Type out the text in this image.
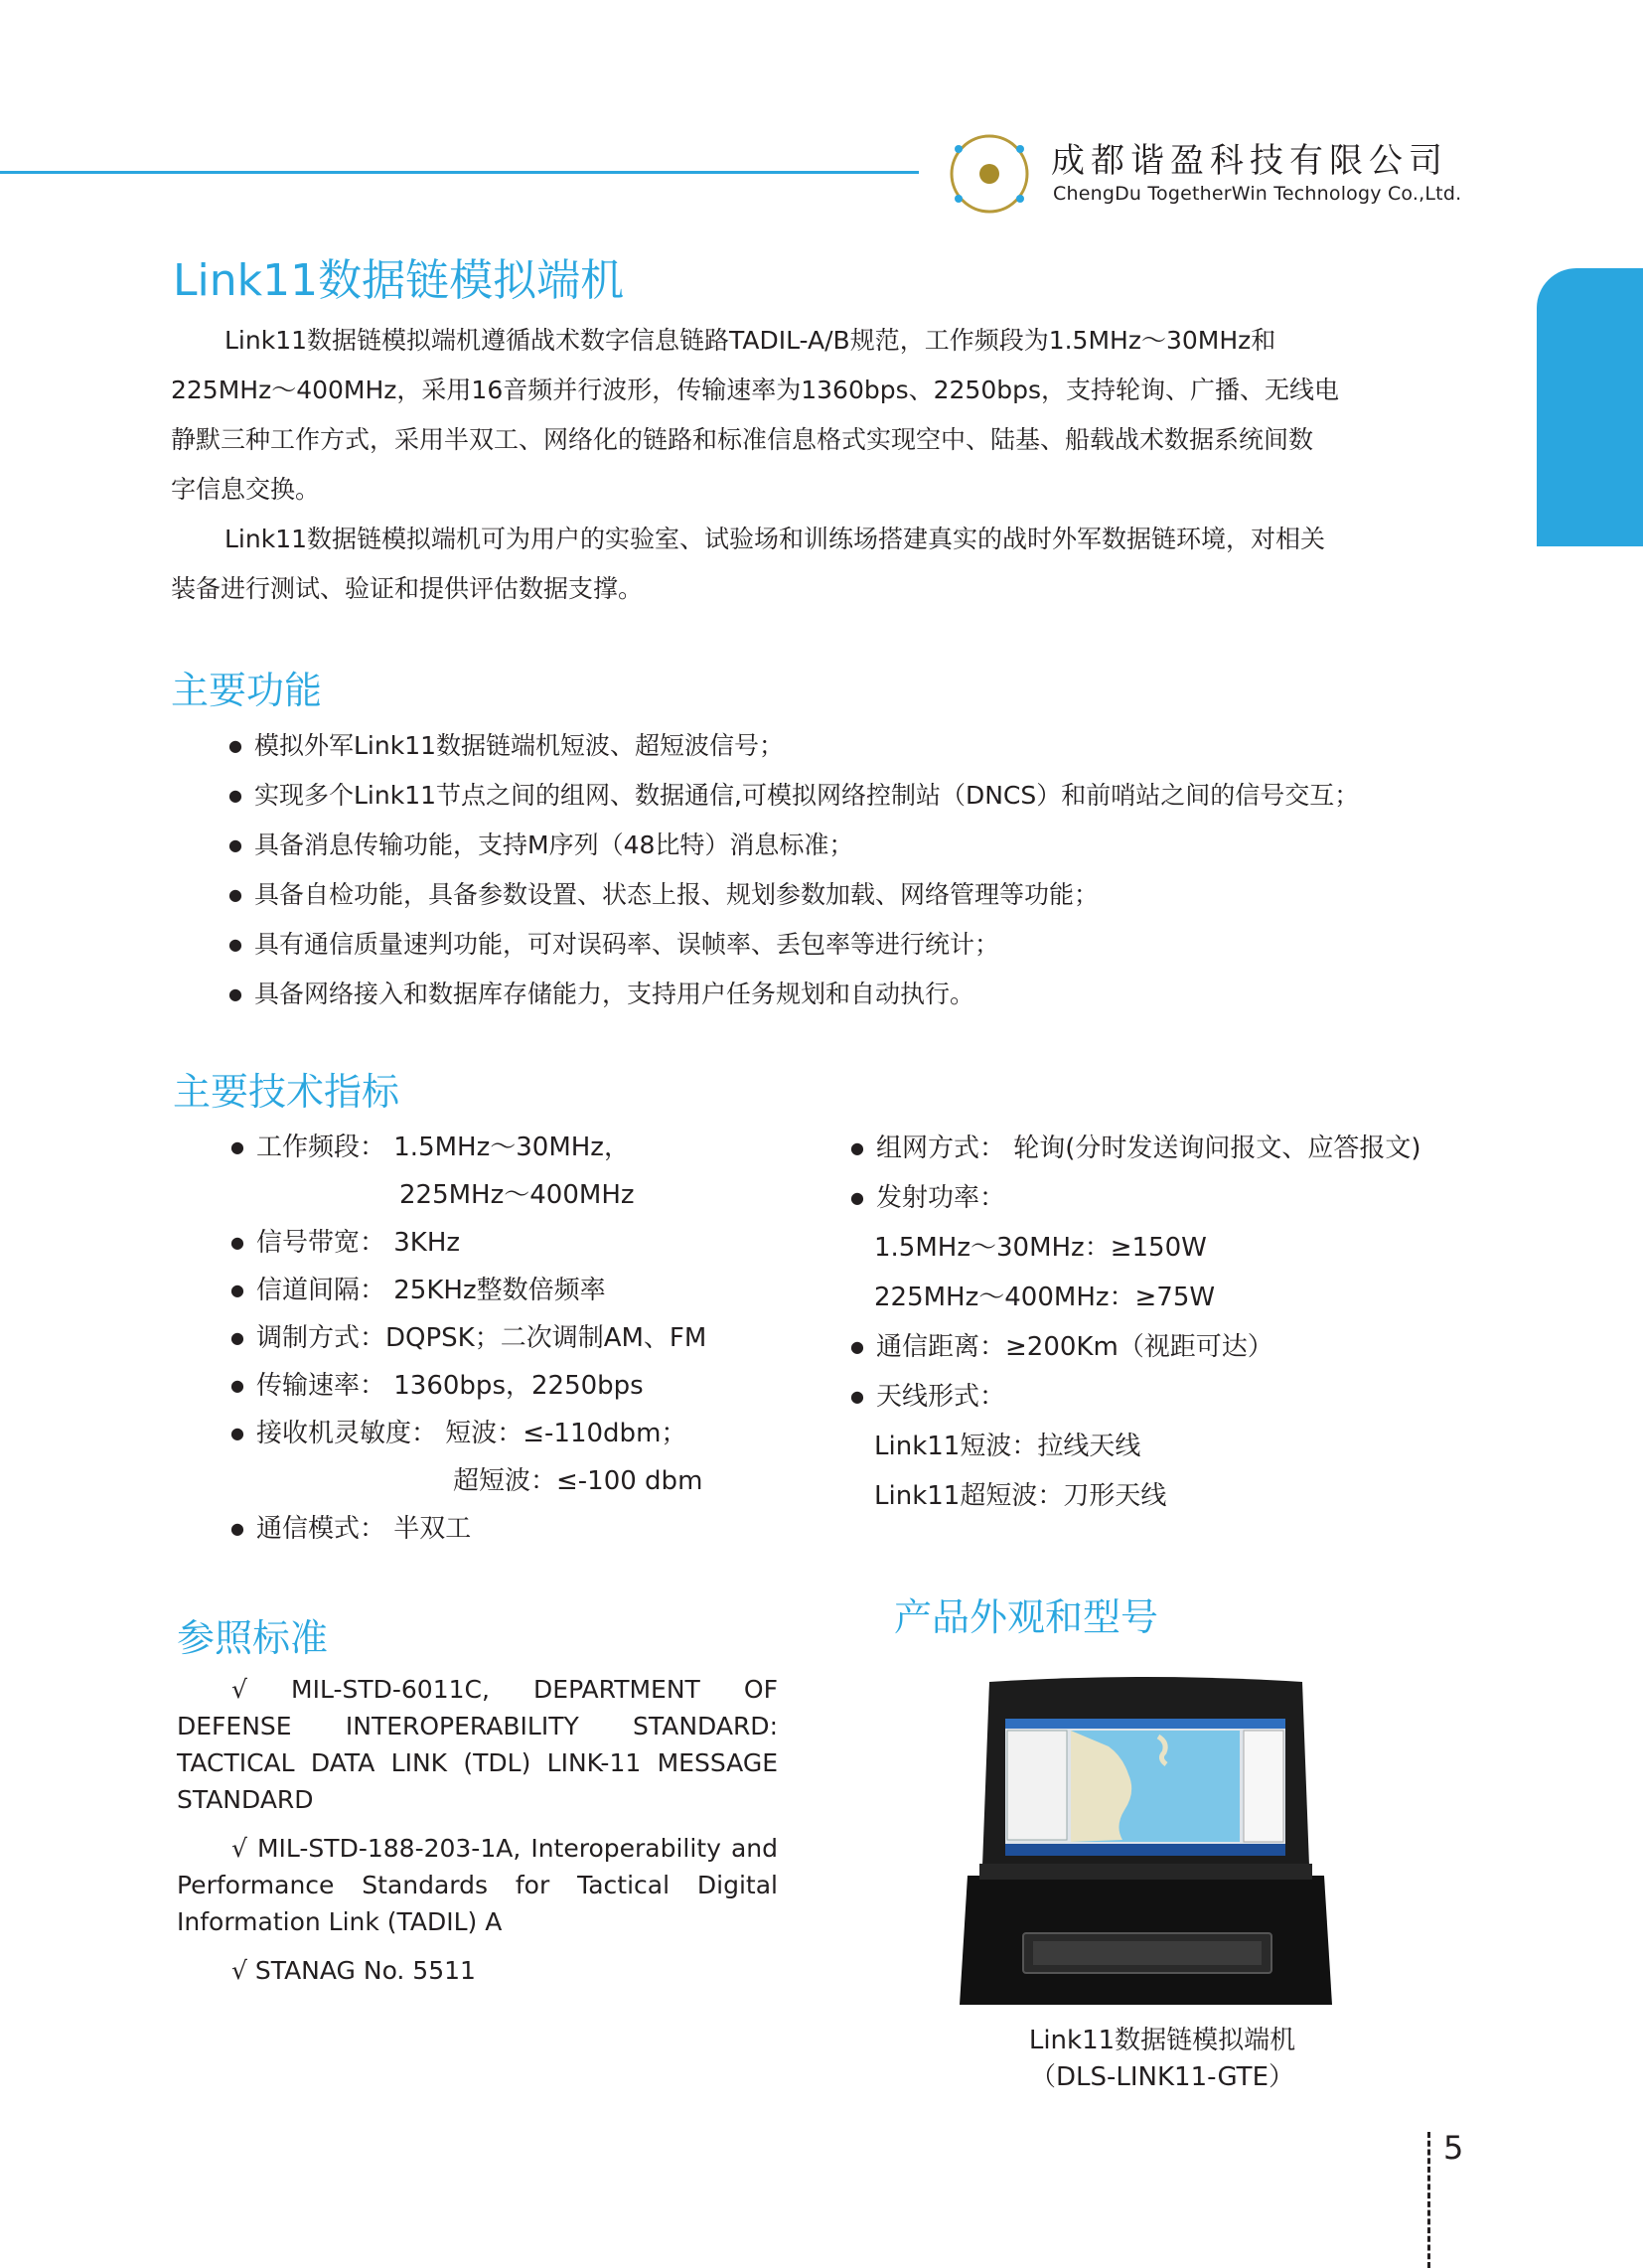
成都谐盈科技有限公司
ChengDu TogetherWin Technology Co.,Ltd.
Link11数据链模拟端机
Link11数据链模拟端机遵循战术数字信息链路TADIL-A/B规范，工作频段为1.5MHz～30MHz和
225MHz～400MHz，采用16音频并行波形，传输速率为1360bps、2250bps，支持轮询、广播、无线电
静默三种工作方式，采用半双工、网络化的链路和标准信息格式实现空中、陆基、船载战术数据系统间数
字信息交换。
Link11数据链模拟端机可为用户的实验室、试验场和训练场搭建真实的战时外军数据链环境，对相关
装备进行测试、验证和提供评估数据支撑。
主要功能
● 模拟外军Link11数据链端机短波、超短波信号；
● 实现多个Link11节点之间的组网、数据通信,可模拟网络控制站（DNCS）和前哨站之间的信号交互；
● 具备消息传输功能，支持M序列（48比特）消息标准；
● 具备自检功能，具备参数设置、状态上报、规划参数加载、网络管理等功能；
● 具有通信质量速判功能，可对误码率、误帧率、丢包率等进行统计；
● 具备网络接入和数据库存储能力，支持用户任务规划和自动执行。
主要技术指标
● 工作频段： 1.5MHz～30MHz，
225MHz～400MHz
● 信号带宽： 3KHz
● 信道间隔： 25KHz整数倍频率
● 调制方式：DQPSK；二次调制AM、FM
● 传输速率： 1360bps，2250bps
● 接收机灵敏度： 短波：≤-110dbm；
超短波：≤-100 dbm
● 通信模式： 半双工
● 组网方式： 轮询(分时发送询问报文、应答报文)
● 发射功率：
1.5MHz～30MHz：≥150W
225MHz～400MHz：≥75W
● 通信距离：≥200Km（视距可达）
● 天线形式：
Link11短波：拉线天线
Link11超短波：刀形天线
参照标准
√ MIL-STD-6011C, DEPARTMENT OF DEFENSE INTEROPERABILITY STANDARD: TACTICAL DATA LINK (TDL) LINK-11 MESSAGE STANDARD
√ MIL-STD-188-203-1A, Interoperability and Performance Standards for Tactical Digital Information Link (TADIL) A
√ STANAG No. 5511
产品外观和型号
Link11数据链模拟端机
（DLS-LINK11-GTE）
5
